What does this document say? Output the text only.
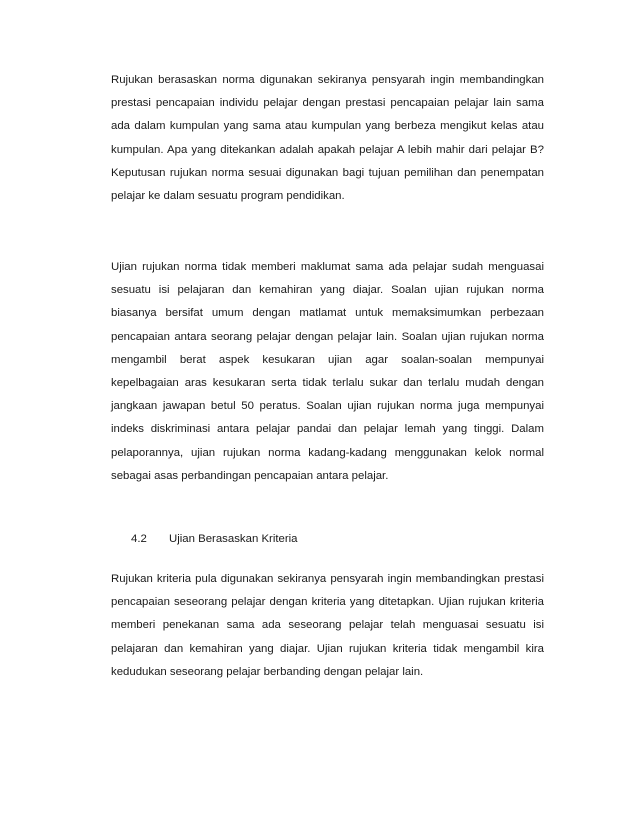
Rujukan berasaskan norma digunakan sekiranya pensyarah ingin membandingkan prestasi pencapaian individu pelajar dengan prestasi pencapaian pelajar lain sama ada dalam kumpulan yang sama atau kumpulan yang berbeza mengikut kelas atau kumpulan. Apa yang ditekankan adalah apakah pelajar A lebih mahir dari pelajar B? Keputusan rujukan norma sesuai digunakan bagi tujuan pemilihan dan penempatan pelajar ke dalam sesuatu program pendidikan.

Ujian rujukan norma tidak memberi maklumat sama ada pelajar sudah menguasai sesuatu isi pelajaran dan kemahiran yang diajar. Soalan ujian rujukan norma biasanya bersifat umum dengan matlamat untuk memaksimumkan perbezaan pencapaian antara seorang pelajar dengan pelajar lain. Soalan ujian rujukan norma mengambil berat aspek kesukaran ujian agar soalan-soalan mempunyai kepelbagaian aras kesukaran serta tidak terlalu sukar dan terlalu mudah dengan jangkaan jawapan betul 50 peratus. Soalan ujian rujukan norma juga mempunyai indeks diskriminasi antara pelajar pandai dan pelajar lemah yang tinggi. Dalam pelaporannya, ujian rujukan norma kadang-kadang menggunakan kelok normal sebagai asas perbandingan pencapaian antara pelajar.

4.2 Ujian Berasaskan Kriteria

Rujukan kriteria pula digunakan sekiranya pensyarah ingin membandingkan prestasi pencapaian seseorang pelajar dengan kriteria yang ditetapkan. Ujian rujukan kriteria memberi penekanan sama ada seseorang pelajar telah menguasai sesuatu isi pelajaran dan kemahiran yang diajar. Ujian rujukan kriteria tidak mengambil kira kedudukan seseorang pelajar berbanding dengan pelajar lain.
